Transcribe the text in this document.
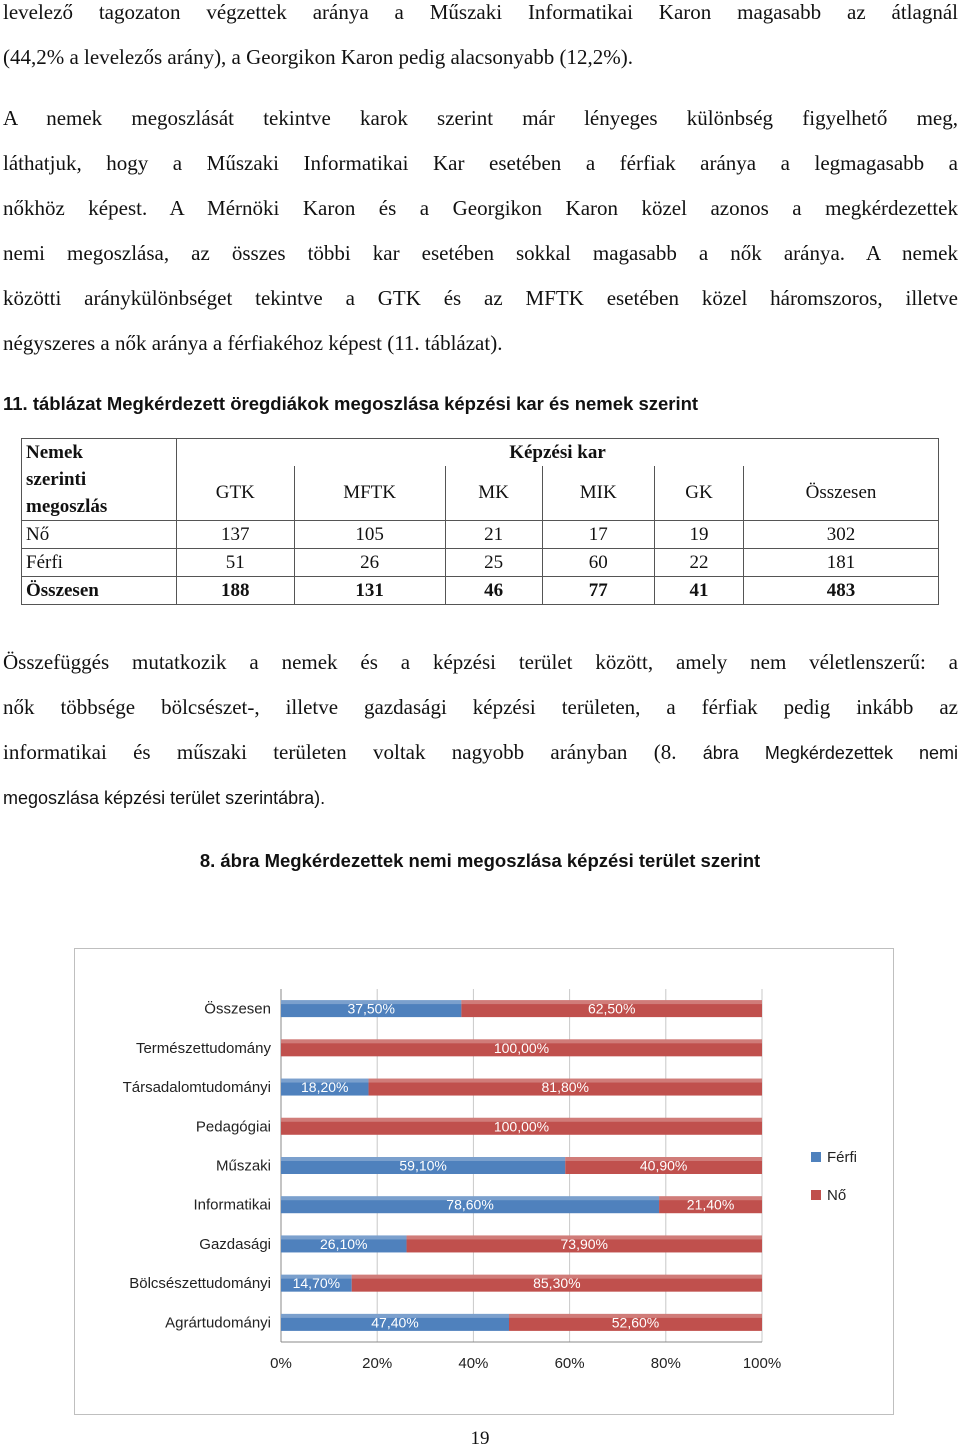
levelező tagozaton végzettek aránya a Műszaki Informatikai Karon magasabb az átlagnál
(44,2% a levelezős arány), a Georgikon Karon pedig alacsonyabb (12,2%).
A nemek megoszlását tekintve karok szerint már lényeges különbség figyelhető meg,
láthatjuk, hogy a Műszaki Informatikai Kar esetében a férfiak aránya a legmagasabb a
nőkhöz képest. A Mérnöki Karon és a Georgikon Karon közel azonos a megkérdezettek
nemi megoszlása, az összes többi kar esetében sokkal magasabb a nők aránya. A nemek
közötti aránykülönbséget tekintve a GTK és az MFTK esetében közel háromszoros, illetve
négyszeres a nők aránya a férfiakéhoz képest (11. táblázat).
11. táblázat Megkérdezett öregdiákok megoszlása képzési kar és nemek szerint
Nemek
szerinti
megoszlás	Képzési kar					
	GTK	MFTK	MK	MIK	GK	Összesen

Nő	137	105	21	17	19	302
Férfi	51	26	25	60	22	181
Összesen	188	131	46	77	41	483
Összefüggés mutatkozik a nemek és a képzési terület között, amely nem véletlenszerű: a
nők többsége bölcsészet-, illetve gazdasági képzési területen, a férfiak pedig inkább az
informatikai és műszaki területen voltak nagyobb arányban (8. ábra Megkérdezettek nemi
megoszlása képzési terület szerintábra).
8. ábra Megkérdezettek nemi megoszlása képzési terület szerint
0%	20%	40%	60%	80%	100%
Összesen	37,50%	62,50%
Természettudomány	100,00%
Társadalomtudományi 18,20%	81,80%
Pedagógiai	100,00%
Műszaki	59,10%	40,90%
Informatikai	78,60%	21,40%
Gazdasági	26,10%	73,90%
Bölcsészettudományi 14,70%	85,30%
Agrártudományi	47,40%	52,60%
Férfi
Nő
19
